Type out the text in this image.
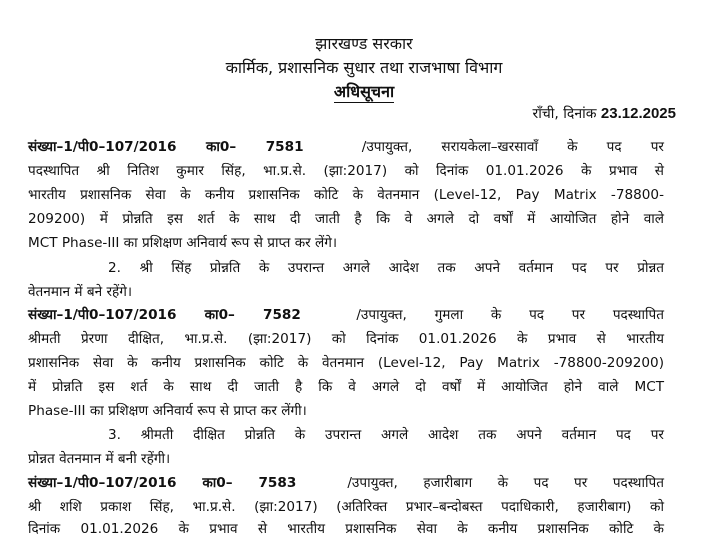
झारखण्ड सरकार
कार्मिक, प्रशासनिक सुधार तथा राजभाषा विभाग
अधिसूचना
राँची, दिनांक 23.12.2025
संख्या–1/पी0–107/2016 का0– 7581	/उपायुक्त, सरायकेला–खरसावाँ के पद पर
पदस्थापित श्री नितिश कुमार सिंह, भा.प्र.से. (झा:2017) को दिनांक 01.01.2026 के प्रभाव से
भारतीय प्रशासनिक सेवा के कनीय प्रशासनिक कोटि के वेतनमान (Level-12, Pay Matrix -78800-
209200) में प्रोन्नति इस शर्त के साथ दी जाती है कि वे अगले दो वर्षों में आयोजित होने वाले
MCT Phase-III का प्रशिक्षण अनिवार्य रूप से प्राप्त कर लेंगे।
2. श्री सिंह प्रोन्नति के उपरान्त अगले आदेश तक अपने वर्तमान पद पर प्रोन्नत
वेतनमान में बने रहेंगे।
संख्या–1/पी0–107/2016 का0– 7582	/उपायुक्त, गुमला के पद पर पदस्थापित
श्रीमती प्रेरणा दीक्षित, भा.प्र.से. (झा:2017) को दिनांक 01.01.2026 के प्रभाव से भारतीय
प्रशासनिक सेवा के कनीय प्रशासनिक कोटि के वेतनमान (Level-12, Pay Matrix -78800-209200)
में प्रोन्नति इस शर्त के साथ दी जाती है कि वे अगले दो वर्षों में आयोजित होने वाले MCT
Phase-III का प्रशिक्षण अनिवार्य रूप से प्राप्त कर लेंगी।
3. श्रीमती दीक्षित प्रोन्नति के उपरान्त अगले आदेश तक अपने वर्तमान पद पर
प्रोन्नत वेतनमान में बनी रहेंगी।
संख्या–1/पी0–107/2016 का0– 7583	/उपायुक्त, हजारीबाग के पद पर पदस्थापित
श्री शशि प्रकाश सिंह, भा.प्र.से. (झा:2017) (अतिरिक्त प्रभार–बन्दोबस्त पदाधिकारी, हजारीबाग) को
दिनांक 01.01.2026 के प्रभाव से भारतीय प्रशासनिक सेवा के कनीय प्रशासनिक कोटि के
